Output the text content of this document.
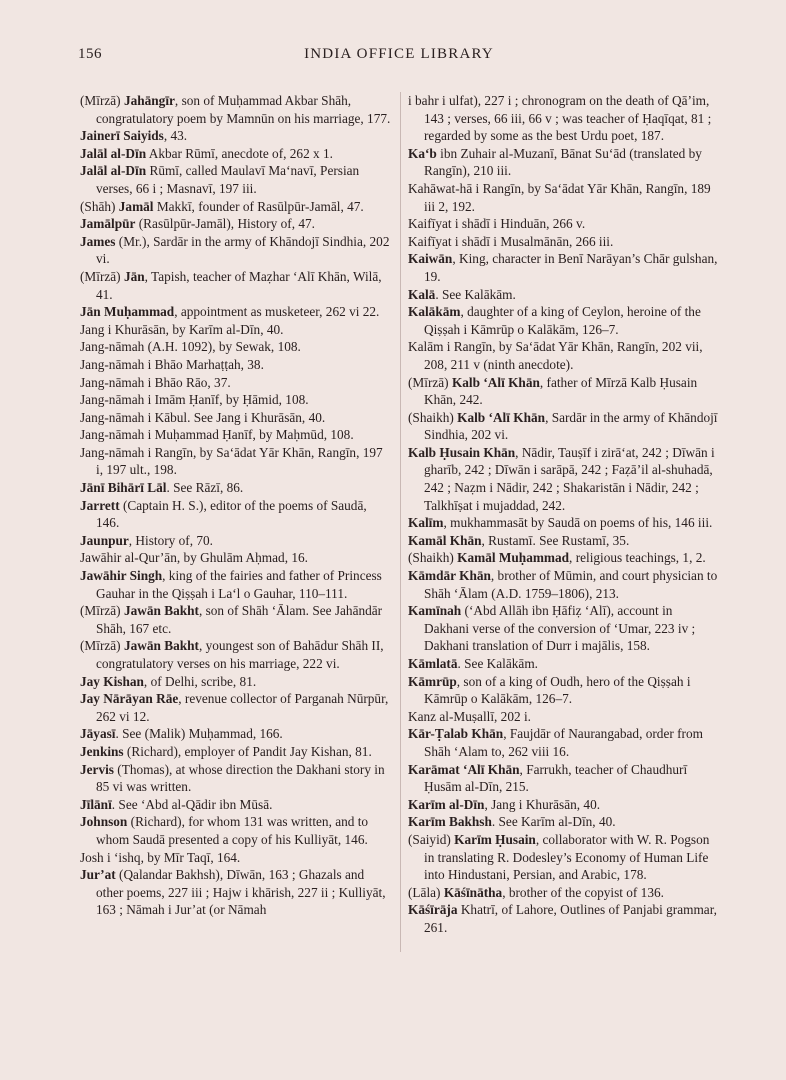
156	INDIA OFFICE LIBRARY
(Mīrzā) Jahāngīr, son of Muḥammad Akbar Shāh, congratulatory poem by Mamnūn on his marriage, 177.
Jainerī Saiyids, 43.
Jalāl al-Dīn Akbar Rūmī, anecdote of, 262 x 1.
Jalāl al-Dīn Rūmī, called Maulavī Ma‘navī, Persian verses, 66 i ; Masnavī, 197 iii.
(Shāh) Jamāl Makkī, founder of Rasūlpūr-Jamāl, 47.
Jamālpūr (Rasūlpūr-Jamāl), History of, 47.
James (Mr.), Sardār in the army of Khāndojī Sindhia, 202 vi.
(Mīrzā) Jān, Tapish, teacher of Maẓhar ‘Alī Khān, Wilā, 41.
Jān Muḥammad, appointment as musketeer, 262 vi 22.
Jang i Khurāsān, by Karīm al-Dīn, 40.
Jang-nāmah (A.H. 1092), by Sewak, 108.
Jang-nāmah i Bhāo Marhaṭṭah, 38.
Jang-nāmah i Bhāo Rāo, 37.
Jang-nāmah i Imām Ḥanīf, by Ḥāmid, 108.
Jang-nāmah i Kābul. See Jang i Khurāsān, 40.
Jang-nāmah i Muḥammad Ḥanīf, by Maḥmūd, 108.
Jang-nāmah i Rangīn, by Sa‘ādat Yār Khān, Rangīn, 197 i, 197 ult., 198.
Jānī Bihārī Lāl. See Rāzī, 86.
Jarrett (Captain H. S.), editor of the poems of Saudā, 146.
Jaunpur, History of, 70.
Jawāhir al-Qur’ān, by Ghulām Aḥmad, 16.
Jawāhir Singh, king of the fairies and father of Princess Gauhar in the Qiṣṣah i La‘l o Gauhar, 110–111.
(Mīrzā) Jawān Bakht, son of Shāh ‘Ālam. See Jahāndār Shāh, 167 etc.
(Mīrzā) Jawān Bakht, youngest son of Bahādur Shāh II, congratulatory verses on his marriage, 222 vi.
Jay Kishan, of Delhi, scribe, 81.
Jay Nārāyan Rāe, revenue collector of Parganah Nūrpūr, 262 vi 12.
Jāyasī. See (Malik) Muḥammad, 166.
Jenkins (Richard), employer of Pandit Jay Kishan, 81.
Jervis (Thomas), at whose direction the Dakhani story in 85 vi was written.
Jīlānī. See ‘Abd al-Qādir ibn Mūsā.
Johnson (Richard), for whom 131 was written, and to whom Saudā presented a copy of his Kulliyāt, 146.
Josh i ‘ishq, by Mīr Taqī, 164.
Jur’at (Qalandar Bakhsh), Dīwān, 163 ; Ghazals and other poems, 227 iii ; Hajw i khārish, 227 ii ; Kulliyāt, 163 ; Nāmah i Jur’at (or Nāmah
i bahr i ulfat), 227 i ; chronogram on the death of Qā’im, 143 ; verses, 66 iii, 66 v ; was teacher of Ḥaqīqat, 81 ; regarded by some as the best Urdu poet, 187.
Ka‘b ibn Zuhair al-Muzanī, Bānat Su‘ād (translated by Rangīn), 210 iii.
Kahāwat-hā i Rangīn, by Sa‘ādat Yār Khān, Rangīn, 189 iii 2, 192.
Kaifīyat i shādī i Hinduān, 266 v.
Kaifīyat i shādī i Musalmānān, 266 iii.
Kaiwān, King, character in Benī Narāyan’s Chār gulshan, 19.
Kalā. See Kalākām.
Kalākām, daughter of a king of Ceylon, heroine of the Qiṣṣah i Kāmrūp o Kalākām, 126–7.
Kalām i Rangīn, by Sa‘ādat Yār Khān, Rangīn, 202 vii, 208, 211 v (ninth anecdote).
(Mīrzā) Kalb ‘Alī Khān, father of Mīrzā Kalb Ḥusain Khān, 242.
(Shaikh) Kalb ‘Alī Khān, Sardār in the army of Khāndojī Sindhia, 202 vi.
Kalb Ḥusain Khān, Nādir, Tauṣīf i zirā‘at, 242 ; Dīwān i gharīb, 242 ; Dīwān i sarāpā, 242 ; Faẓā’il al-shuhadā, 242 ; Naẓm i Nādir, 242 ; Shakaristān i Nādir, 242 ; Talkhīṣat i mujaddad, 242.
Kalīm, mukhammasāt by Saudā on poems of his, 146 iii.
Kamāl Khān, Rustamī. See Rustamī, 35.
(Shaikh) Kamāl Muḥammad, religious teachings, 1, 2.
Kāmdār Khān, brother of Mūmin, and court physician to Shāh ‘Ālam (A.D. 1759–1806), 213.
Kamīnah (‘Abd Allāh ibn Ḥāfiẓ ‘Alī), account in Dakhani verse of the conversion of ‘Umar, 223 iv ; Dakhani translation of Durr i majālis, 158.
Kāmlatā. See Kalākām.
Kāmrūp, son of a king of Oudh, hero of the Qiṣṣah i Kāmrūp o Kalākām, 126–7.
Kanz al-Muṣallī, 202 i.
Kār-Ṭalab Khān, Faujdār of Naurangabad, order from Shāh ‘Alam to, 262 viii 16.
Karāmat ‘Alī Khān, Farrukh, teacher of Chaudhurī Ḥusām al-Dīn, 215.
Karīm al-Dīn, Jang i Khurāsān, 40.
Karīm Bakhsh. See Karīm al-Dīn, 40.
(Saiyid) Karīm Ḥusain, collaborator with W. R. Pogson in translating R. Dodesley’s Economy of Human Life into Hindustani, Persian, and Arabic, 178.
(Lāla) Kāśīnātha, brother of the copyist of 136.
Kāśīrāja Khatrī, of Lahore, Outlines of Panjabi grammar, 261.
